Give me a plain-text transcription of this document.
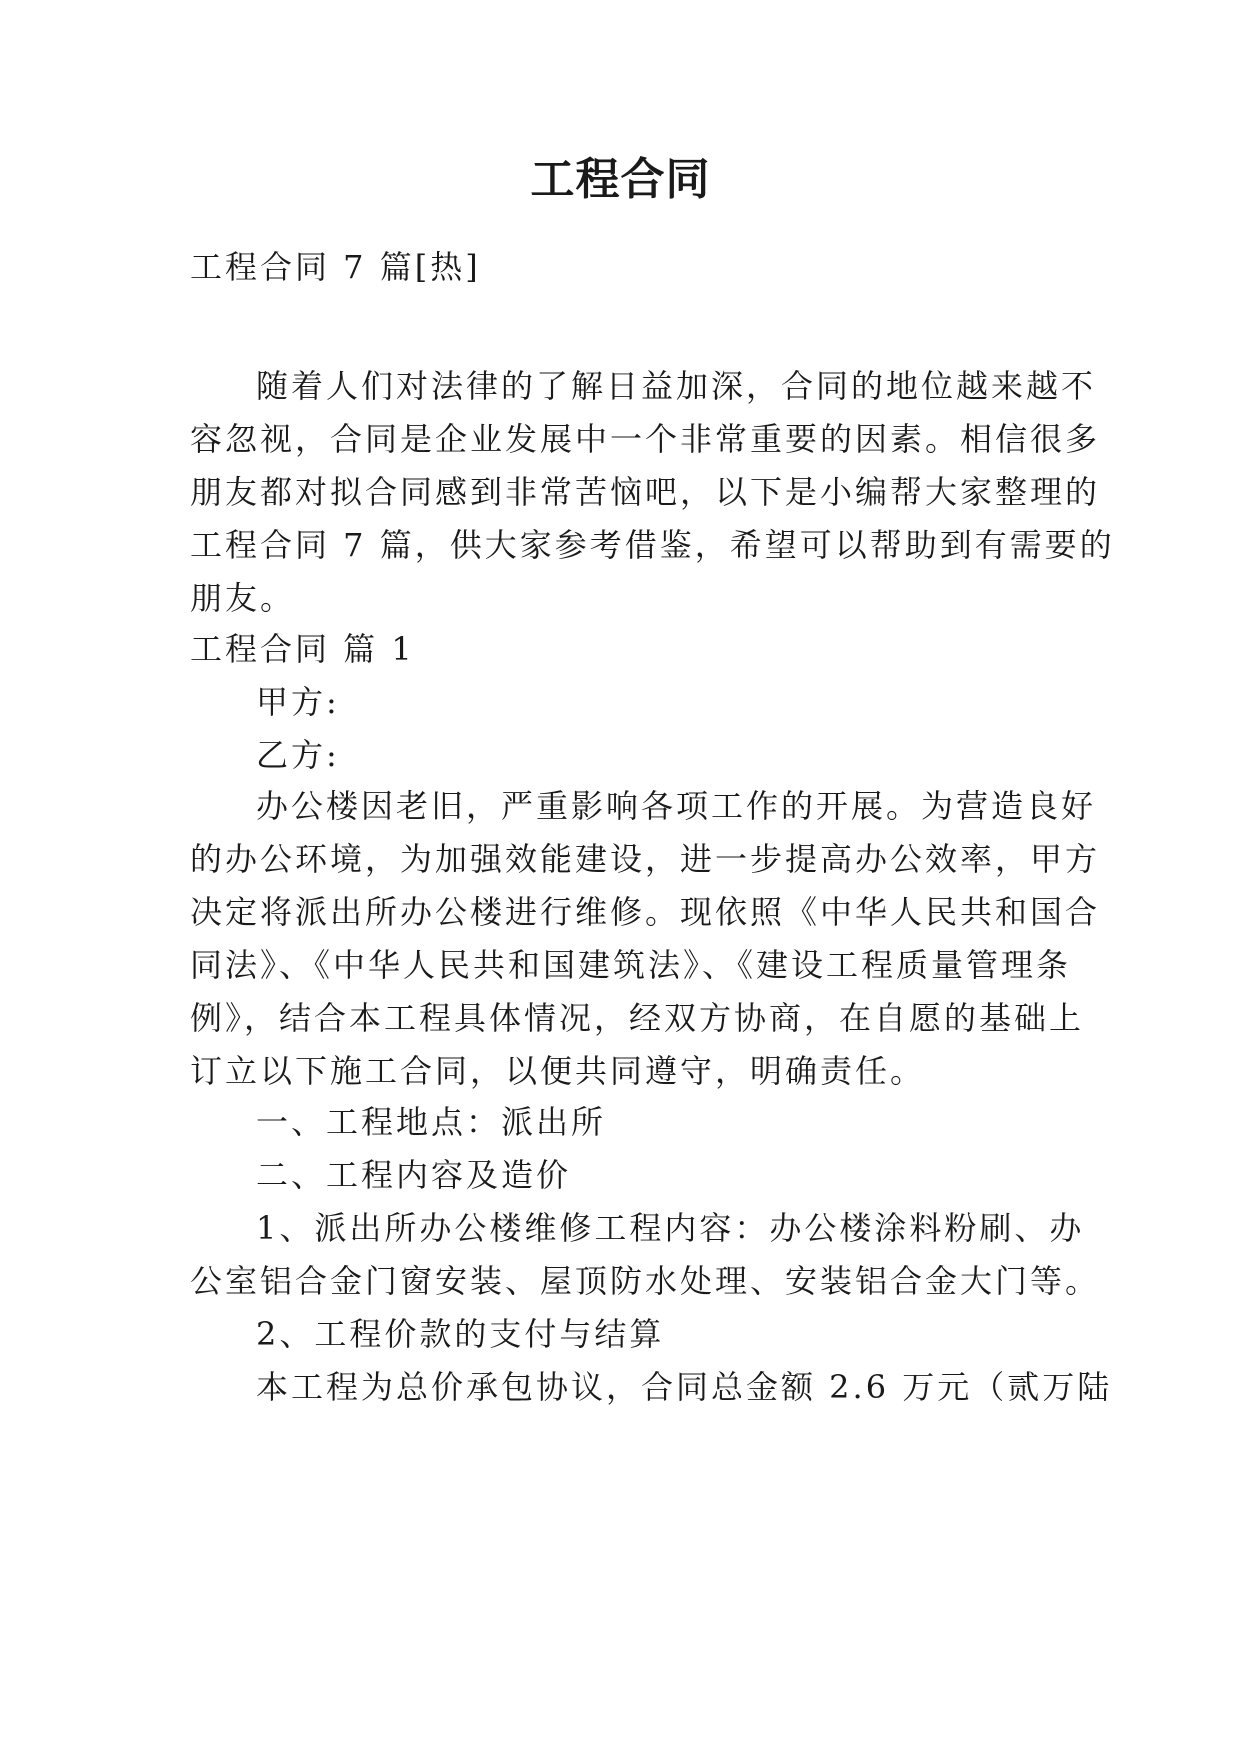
工程合同
工程合同 7 篇[热]
随着人们对法律的了解日益加深，合同的地位越来越不
容忽视，合同是企业发展中一个非常重要的因素。相信很多
朋友都对拟合同感到非常苦恼吧，以下是小编帮大家整理的
工程合同 7 篇，供大家参考借鉴，希望可以帮助到有需要的
朋友。
工程合同 篇 1
甲方:
乙方:
办公楼因老旧，严重影响各项工作的开展。为营造良好
的办公环境，为加强效能建设，进一步提高办公效率，甲方
决定将派出所办公楼进行维修。现依照《中华人民共和国合
同法》、《中华人民共和国建筑法》、《建设工程质量管理条
例》，结合本工程具体情况，经双方协商，在自愿的基础上
订立以下施工合同，以便共同遵守，明确责任。
一、工程地点：派出所
二、工程内容及造价
1、派出所办公楼维修工程内容：办公楼涂料粉刷、办
公室铝合金门窗安装、屋顶防水处理、安装铝合金大门等。
2、工程价款的支付与结算
本工程为总价承包协议，合同总金额 2.6 万元（贰万陆
